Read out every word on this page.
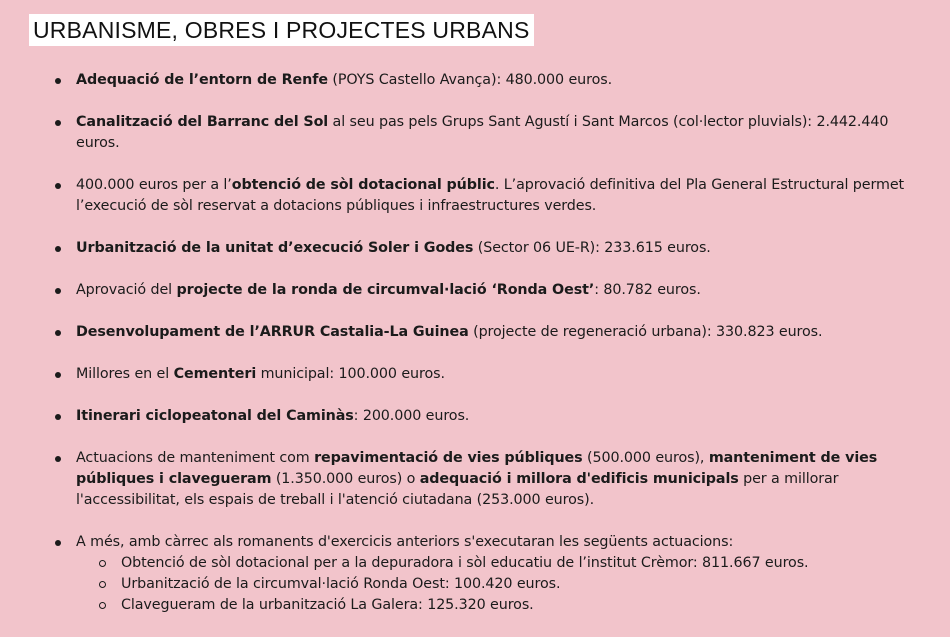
URBANISME, OBRES I PROJECTES URBANS
Adequació de l’entorn de Renfe (POYS Castello Avança): 480.000 euros.
Canalització del Barranc del Sol al seu pas pels Grups Sant Agustí i Sant Marcos (col·lector pluvials): 2.442.440 euros.
400.000 euros per a l’obtenció de sòl dotacional públic. L’aprovació definitiva del Pla General Estructural permet l’execució de sòl reservat a dotacions públiques i infraestructures verdes.
Urbanització de la unitat d’execució Soler i Godes (Sector 06 UE-R): 233.615 euros.
Aprovació del projecte de la ronda de circumval·lació ‘Ronda Oest’: 80.782 euros.
Desenvolupament de l’ARRUR Castalia-La Guinea (projecte de regeneració urbana): 330.823 euros.
Millores en el Cementeri municipal: 100.000 euros.
Itinerari ciclopeatonal del Caminàs: 200.000 euros.
Actuacions de manteniment com repavimentació de vies públiques (500.000 euros), manteniment de vies públiques i clavegueram (1.350.000 euros) o adequació i millora d'edificis municipals per a millorar l'accessibilitat, els espais de treball i l'atenció ciutadana (253.000 euros).
A més, amb càrrec als romanents d'exercicis anteriors s'executaran les següents actuacions:
Obtenció de sòl dotacional per a la depuradora i sòl educatiu de l’institut Crèmor: 811.667 euros.
Urbanització de la circumval·lació Ronda Oest: 100.420 euros.
Clavegueram de la urbanització La Galera: 125.320 euros.
